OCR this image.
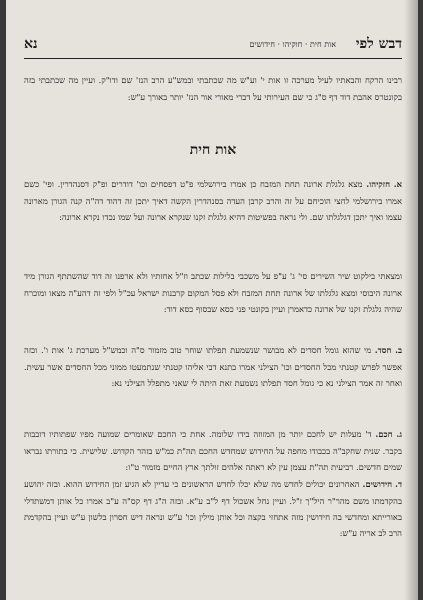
דבש לפי
אות חית · חוקיהו · חידושים
נא

רבינו הרקח והבאתיו לעיל מערכה זו אות י' וע"ש מה שכתבתי ובמש"ע הרב הנז' שם ודו"ק. ועיין מה שכתבתי בזה בקונטרס אהבת דוד דף ס"ג כי שם העירותי על דברי מאורי אור הנז' יותר באורך ע"ש:

אות חית

א. חזקיהו. מצא גלגלת ארונה תחת המזבח כן אמרו בירושלמי פ"ט דפסחים וכו' דודרים ופ"ק דסנהדרין. ופי' כשם אמרו בירושלמי לחצי הוכיחם על זה והרב קרבן העדה בסנהדרין הקשה דאיך יתכן זה דהוד דה"ה קנה הגורן מארונה עצמו ואיך יתכן דגלגלתו שם. ולי נראה בפשיטות דהיא גלגלת זקנו שנקרא ארונה ועל שמו נכדו נקרא ארונה:

ומצאתי בילקוט שיר השירים סי' ג' ע"פ על משכבי בלילות שכתב וז"ל אחזתיו ולא ארפנו זה דוד שהשתתף הגורן מיד ארונה היבוסי ומצא גלגלתו של ארונה תחת המזבח ולא פסל המקום קרבנות ישראל עכ"ל ולפי זה דהע"ה מצאו ומוכרח שהיה גלגלת זקנו של ארונה כדאמרן ועיין בקונטי פני כסא שבסוף כסא דוד:

ב. חסד. מי שהוא גומל חסדים לא מבושר שנשמעת תפלתו שוחר טוב מזמור ס"ה וכמש"ל מערכת ג' אות ו'. וכזה אפשר לפרש קטנתי מכל החסדים וכו' הצילני אמרו בתנא דבי אליהו קטנתי שנתמעטו ממוני מכל החסדים אשר עשית. ואחר זה אמר הצילני נא כי גומל חסד תפלתו נשמעת זאת היתה לי שאני מתפלל הצילני נא:

ג. חכם. ד' מעלות יש לחכם יותר מן המזוזה בידו שלומה. אחת כי החכם שאומרים שמועה מפיו שפתותיו דובבות בקבר. שנית שחקב"ה בכבודו מחפה על החידוש שמחדש החכם תה"ת כמ"ש בזהר הקדוש. שלישית. כי בתורתו נבראו שמים חדשים. רביעית תה"ת עצמן עין לא ראתה אלהים זולתך ארץ החיים מזמור ט"ו:

ד. חידושים. האחרונים יכולים לחדש מה שלא יכלו לחדש הראשונים כי עדיין לא הגיע זמן החידוש ההוא. ובזה יהושע בהקדמתו משם מהר"ר היל"ך ז"ל. ועיין נחל אשכול דף ל"ב ע"א. ובזה ה"ג דף קס"ה ע"ב אמרו כל אותן דמשתדלי באורייתא ומחדשי בה חידושין מזה אתחזי בקצה וכל אותן מילין וכו' ע"ש ונראה דיש חסרון בלשון ע"ש ועיין בהקדמת הרב לב אריה ע"ש:
